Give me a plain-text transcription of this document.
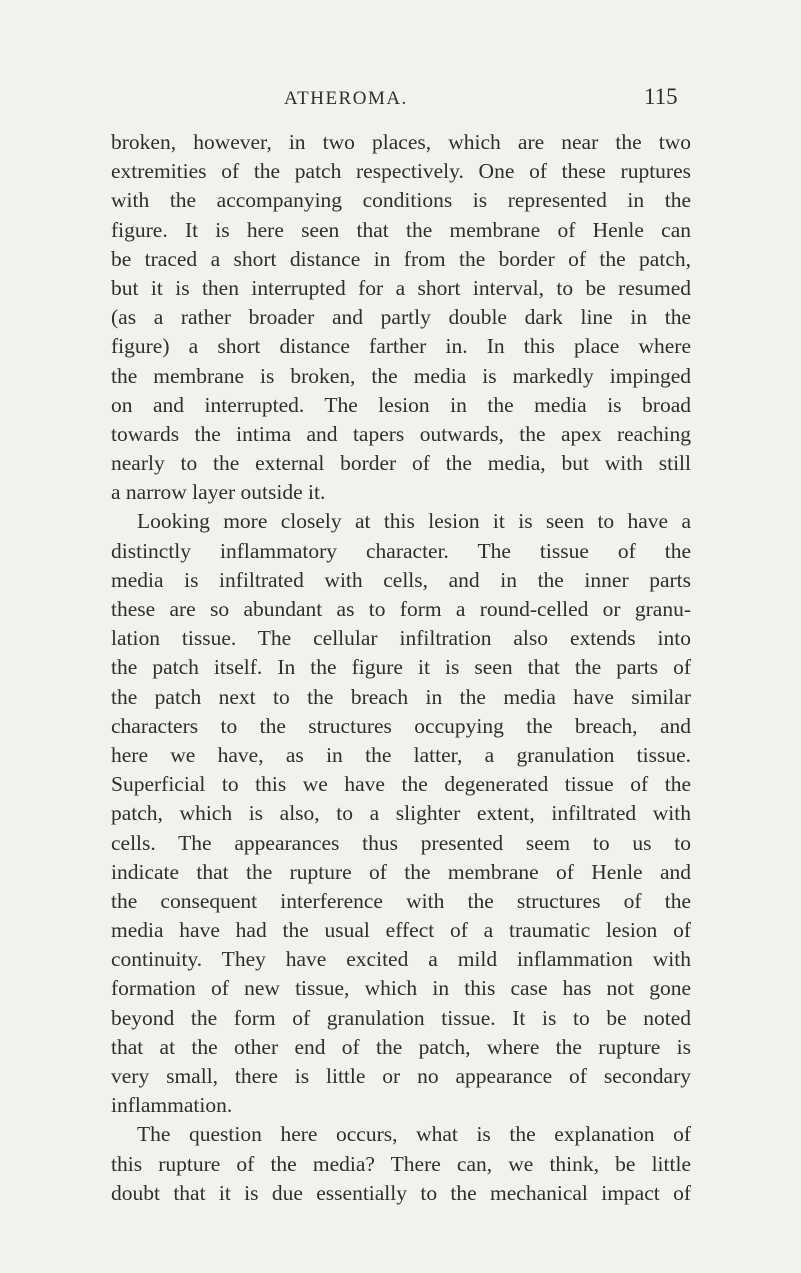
ATHEROMA.	115
broken, however, in two places, which are near the two
extremities of the patch respectively. One of these ruptures
with the accompanying conditions is represented in the
figure. It is here seen that the membrane of Henle can
be traced a short distance in from the border of the patch,
but it is then interrupted for a short interval, to be resumed
(as a rather broader and partly double dark line in the
figure) a short distance farther in. In this place where
the membrane is broken, the media is markedly impinged
on and interrupted. The lesion in the media is broad
towards the intima and tapers outwards, the apex reaching
nearly to the external border of the media, but with still
a narrow layer outside it.
Looking more closely at this lesion it is seen to have a
distinctly inflammatory character. The tissue of the
media is infiltrated with cells, and in the inner parts
these are so abundant as to form a round-celled or granu-
lation tissue. The cellular infiltration also extends into
the patch itself. In the figure it is seen that the parts of
the patch next to the breach in the media have similar
characters to the structures occupying the breach, and
here we have, as in the latter, a granulation tissue.
Superficial to this we have the degenerated tissue of the
patch, which is also, to a slighter extent, infiltrated with
cells. The appearances thus presented seem to us to
indicate that the rupture of the membrane of Henle and
the consequent interference with the structures of the
media have had the usual effect of a traumatic lesion of
continuity. They have excited a mild inflammation with
formation of new tissue, which in this case has not gone
beyond the form of granulation tissue. It is to be noted
that at the other end of the patch, where the rupture is
very small, there is little or no appearance of secondary
inflammation.
The question here occurs, what is the explanation of
this rupture of the media? There can, we think, be little
doubt that it is due essentially to the mechanical impact of
